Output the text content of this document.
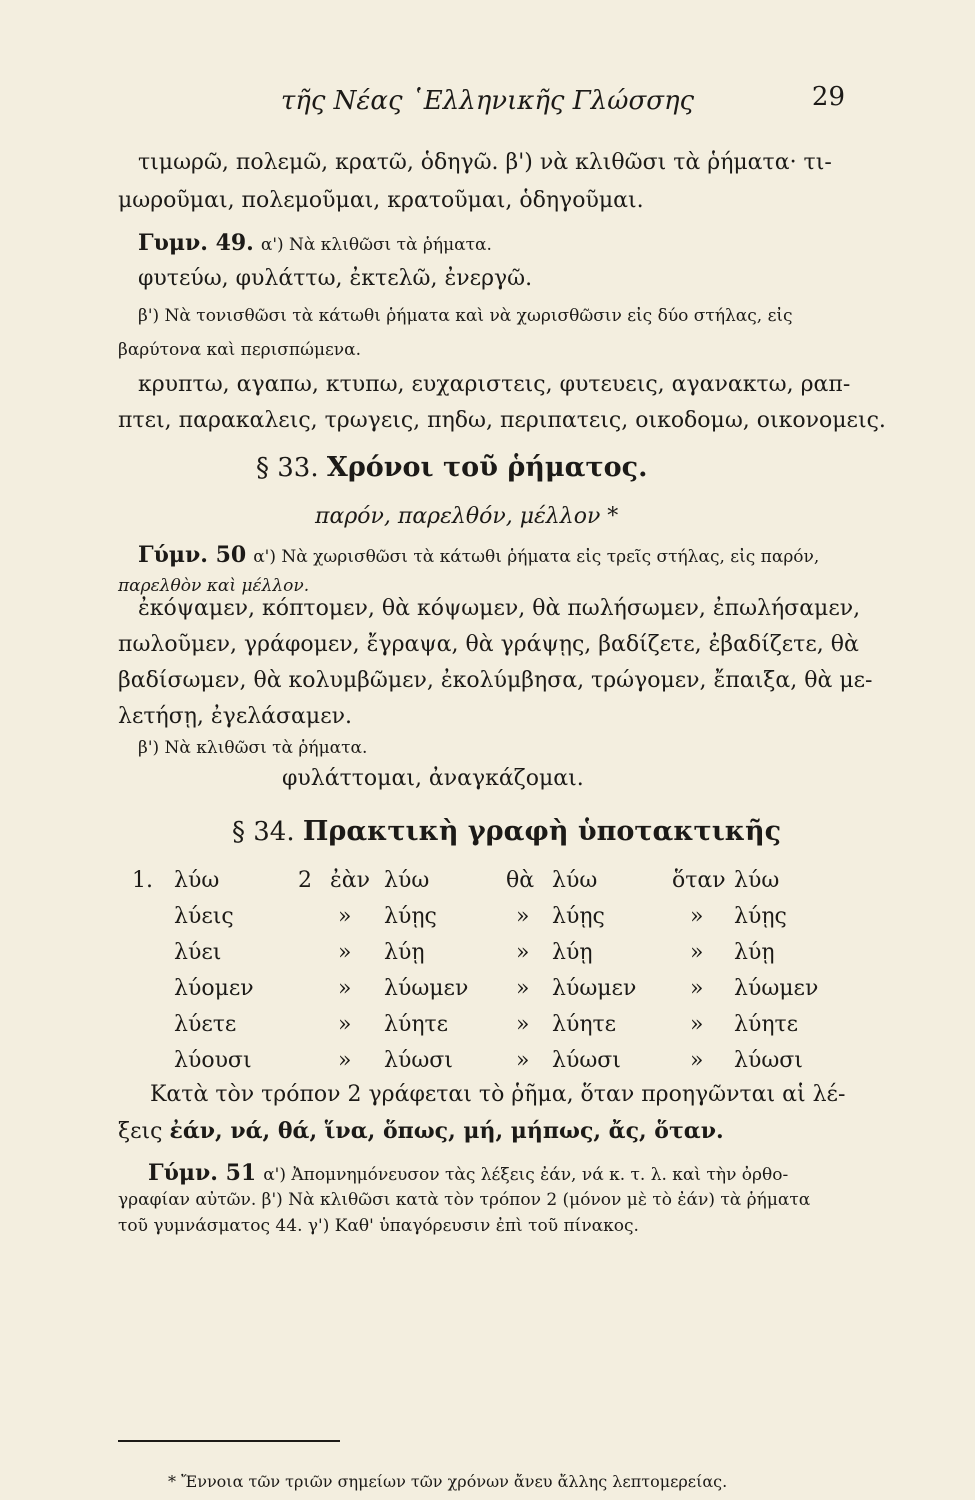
τῆς Νέας ῾Ελληνικῆς Γλώσσης	29
τιμωρῶ, πολεμῶ, κρατῶ, ὁδηγῶ. β') νὰ κλιθῶσι τὰ ῥήματα· τι-
μωροῦμαι, πολεμοῦμαι, κρατοῦμαι, ὁδηγοῦμαι.
Γυμν. 49. α') Νὰ κλιθῶσι τὰ ῥήματα.
φυτεύω, φυλάττω, ἐκτελῶ, ἐνεργῶ.
β') Νὰ τονισθῶσι τὰ κάτωθι ῥήματα καὶ νὰ χωρισθῶσιν εἰς δύο στήλας, εἰς
βαρύτονα καὶ περισπώμενα.
κρυπτω, αγαπω, κτυπω, ευχαριστεις, φυτευεις, αγανακτω, ραπ-
πτει, παρακαλεις, τρωγεις, πηδω, περιπατεις, οικοδομω, οικονομεις.
§ 33. Χρόνοι τοῦ ῥήματος.
παρόν, παρελθόν, μέλλον *
Γύμν. 50 α') Νὰ χωρισθῶσι τὰ κάτωθι ῥήματα εἰς τρεῖς στήλας, εἰς παρόν,
παρελθὸν καὶ μέλλον.
ἐκόψαμεν, κόπτομεν, θὰ κόψωμεν, θὰ πωλήσωμεν, ἐπωλήσαμεν,
πωλοῦμεν, γράφομεν, ἔγραψα, θὰ γράψῃς, βαδίζετε, ἐβαδίζετε, θὰ
βαδίσωμεν, θὰ κολυμβῶμεν, ἐκολύμβησα, τρώγομεν, ἔπαιξα, θὰ με-
λετήσῃ, ἐγελάσαμεν.
β') Νὰ κλιθῶσι τὰ ῥήματα.
φυλάττομαι, ἀναγκάζομαι.
§ 34. Πρακτικὴ γραφὴ ὑποτακτικῆς
1. λύω
λύεις
λύει
λύομεν
λύετε
λύουσι
2 ἐὰν
»
»
»
»
»
λύω
λύῃς
λύῃ
λύωμεν
λύητε
λύωσι
θὰ
»
»
»
»
»
λύω
λύῃς
λύῃ
λύωμεν
λύητε
λύωσι
ὅταν
»
»
»
»
»
λύω
λύῃς
λύῃ
λύωμεν
λύητε
λύωσι
Κατὰ τὸν τρόπον 2 γράφεται τὸ ῥῆμα, ὅταν προηγῶνται αἱ λέ-
ξεις ἐάν, νά, θά, ἵνα, ὅπως, μή, μήπως, ἄς, ὅταν.
Γύμν. 51 α') Ἀπομνημόνευσον τὰς λέξεις ἐάν, νά κ. τ. λ. καὶ τὴν ὀρθο-
γραφίαν αὐτῶν. β') Νὰ κλιθῶσι κατὰ τὸν τρόπον 2 (μόνον μὲ τὸ ἐάν) τὰ ῥήματα
τοῦ γυμνάσματος 44. γ') Καθ' ὑπαγόρευσιν ἐπὶ τοῦ πίνακος.
* Ἔννοια τῶν τριῶν σημείων τῶν χρόνων ἄνευ ἄλλης λεπτομερείας.
